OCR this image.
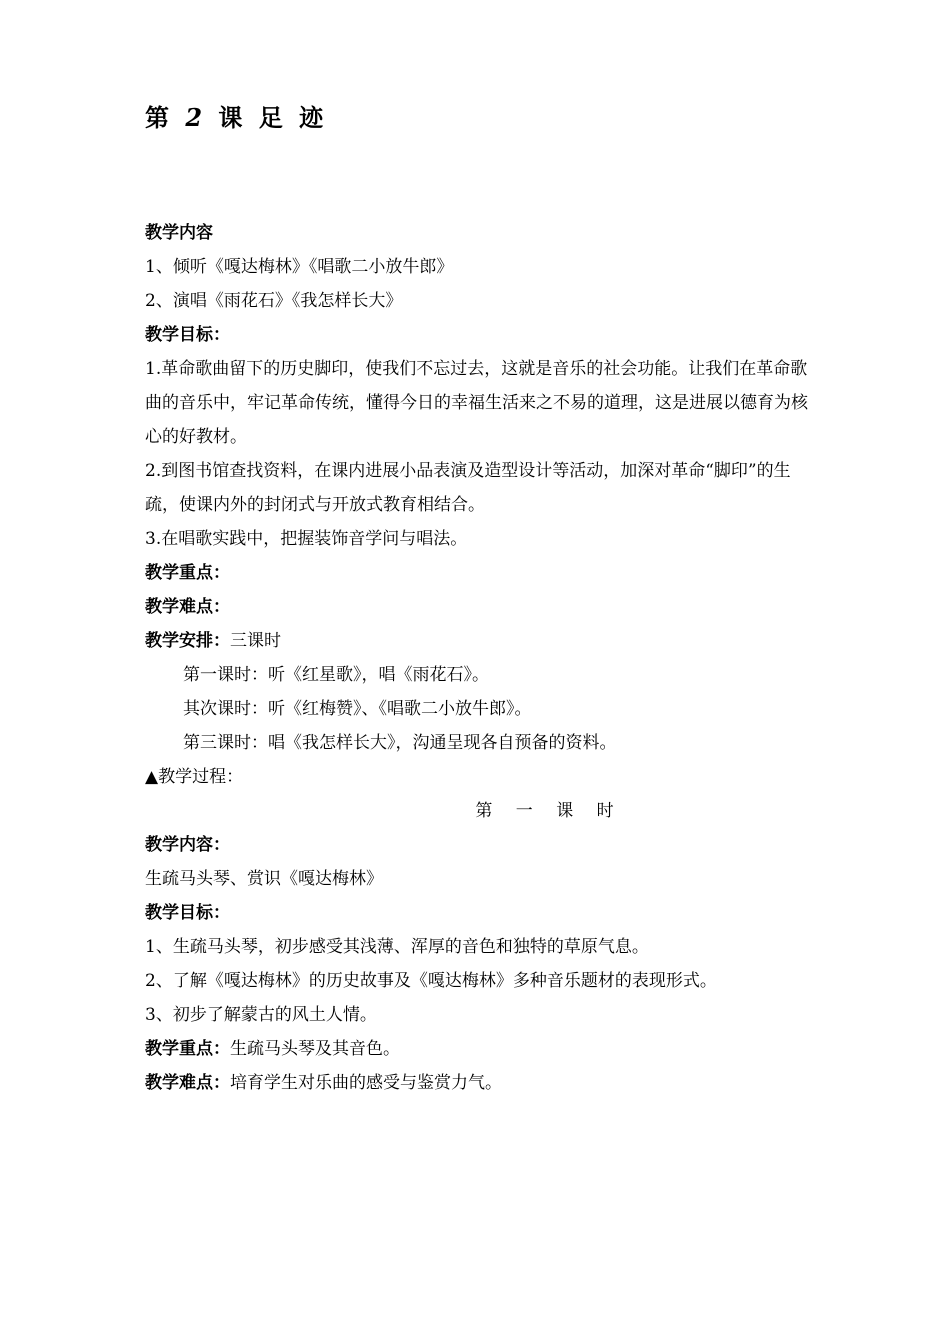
第 2 课 足 迹
教学内容
1、倾听《嘎达梅林》《唱歌二小放牛郎》
2、演唱《雨花石》《我怎样长大》
教学目标：
1.革命歌曲留下的历史脚印，使我们不忘过去，这就是音乐的社会功能。让我们在革命歌曲的音乐中，牢记革命传统，懂得今日的幸福生活来之不易的道理，这是进展以德育为核心的好教材。
2.到图书馆查找资料，在课内进展小品表演及造型设计等活动，加深对革命“脚印”的生疏，使课内外的封闭式与开放式教育相结合。
3.在唱歌实践中，把握装饰音学问与唱法。
教学重点：
教学难点：
教学安排：三课时
第一课时：听《红星歌》，唱《雨花石》。
其次课时：听《红梅赞》、《唱歌二小放牛郎》。
第三课时：唱《我怎样长大》，沟通呈现各自预备的资料。
▲教学过程：
第 一 课 时
教学内容：
生疏马头琴、赏识《嘎达梅林》
教学目标：
1、生疏马头琴，初步感受其浅薄、浑厚的音色和独特的草原气息。
2、了解《嘎达梅林》的历史故事及《嘎达梅林》多种音乐题材的表现形式。
3、初步了解蒙古的风土人情。
教学重点：生疏马头琴及其音色。
教学难点：培育学生对乐曲的感受与鉴赏力气。
